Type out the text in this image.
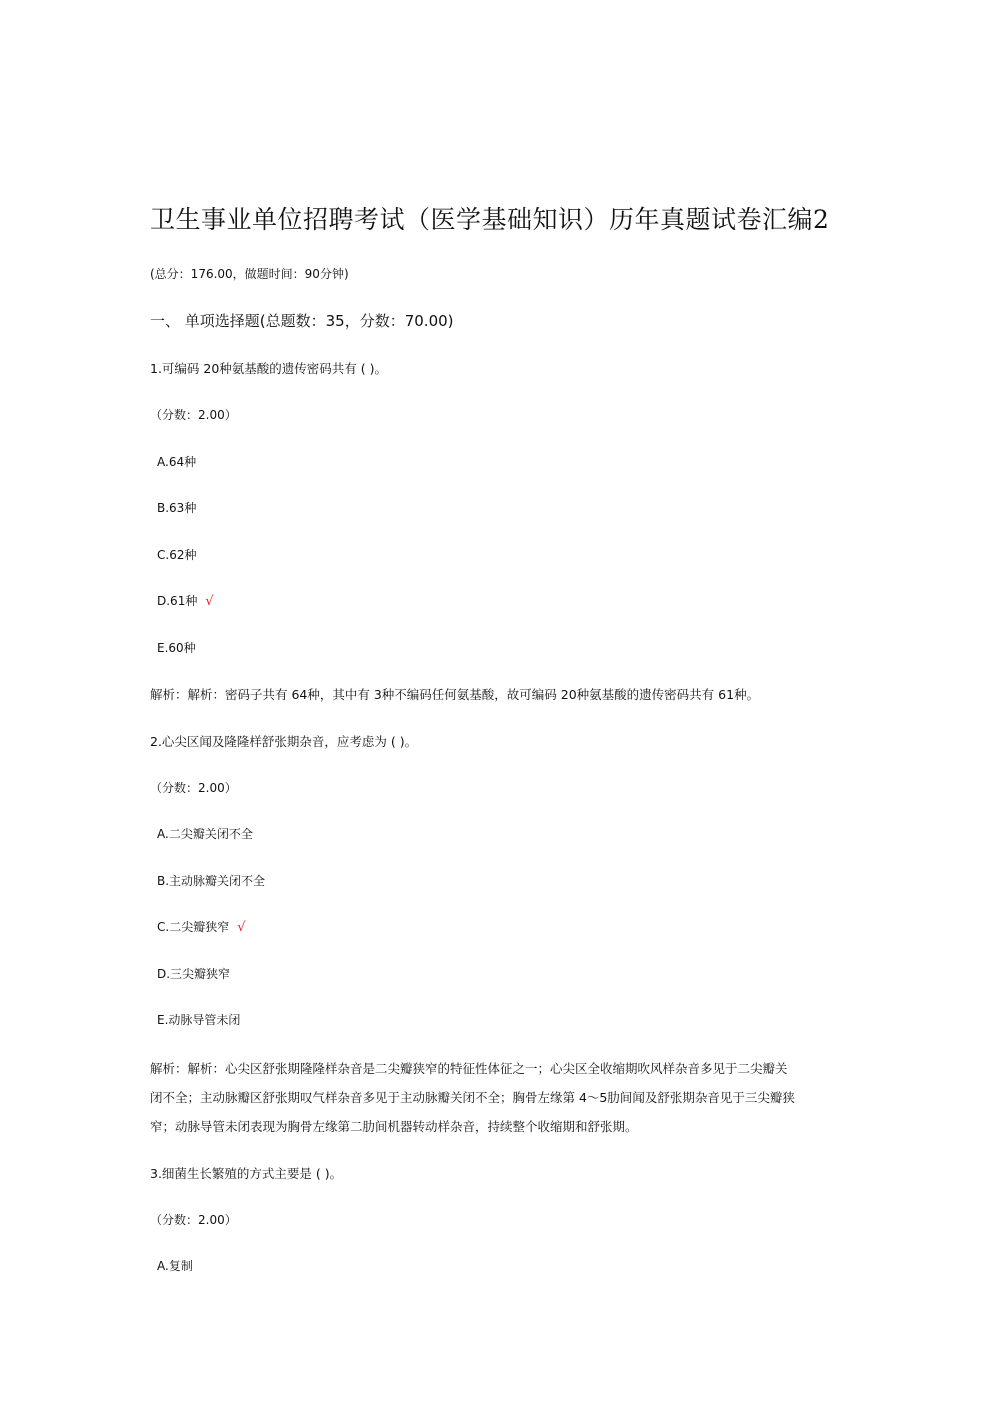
卫生事业单位招聘考试（医学基础知识）历年真题试卷汇编2
(总分：176.00，做题时间：90分钟)
一、 单项选择题(总题数：35，分数：70.00)
1.可编码 20种氨基酸的遗传密码共有 ( )。
（分数：2.00）
A.64种
B.63种
C.62种
D.61种 √
E.60种
解析：解析：密码子共有 64种，其中有 3种不编码任何氨基酸，故可编码 20种氨基酸的遗传密码共有 61种。
2.心尖区闻及隆隆样舒张期杂音，应考虑为 ( )。
（分数：2.00）
A.二尖瓣关闭不全
B.主动脉瓣关闭不全
C.二尖瓣狭窄 √
D.三尖瓣狭窄
E.动脉导管未闭
解析：解析：心尖区舒张期隆隆样杂音是二尖瓣狭窄的特征性体征之一；心尖区全收缩期吹风样杂音多见于二尖瓣关
闭不全；主动脉瓣区舒张期叹气样杂音多见于主动脉瓣关闭不全；胸骨左缘第 4～5肋间闻及舒张期杂音见于三尖瓣狭
窄；动脉导管未闭表现为胸骨左缘第二肋间机器转动样杂音，持续整个收缩期和舒张期。
3.细菌生长繁殖的方式主要是 ( )。
（分数：2.00）
A.复制
